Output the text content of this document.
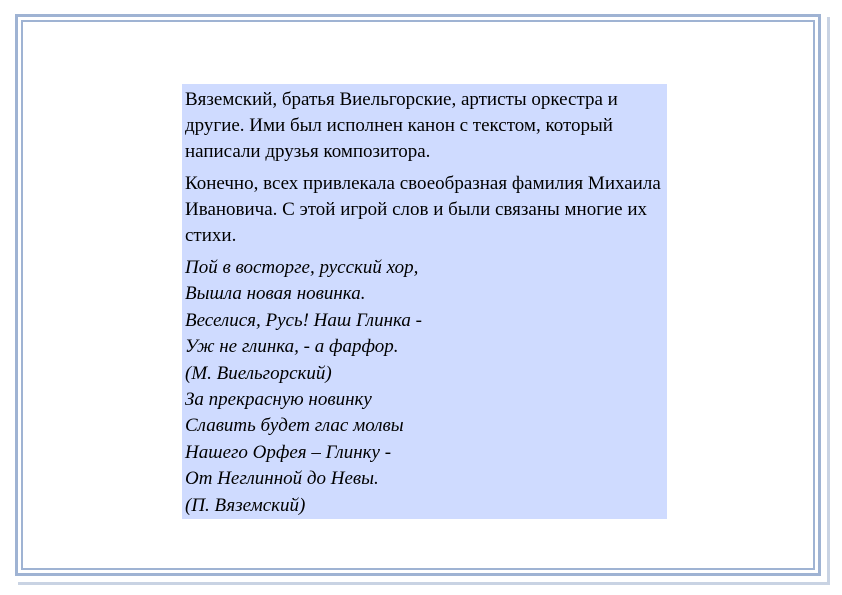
Вяземский, братья Виельгорские, артисты оркестра и другие. Ими был исполнен канон с текстом, который написали друзья композитора.

Конечно, всех привлекала своеобразная фамилия Михаила Ивановича. С этой игрой слов и были связаны многие их стихи.

Пой в восторге, русский хор,
Вышла новая новинка.
Веселися, Русь! Наш Глинка -
Уж не глинка, - а фарфор.
(М. Виельгорский)
За прекрасную новинку
Славить будет глас молвы
Нашего Орфея – Глинку -
От Неглинной до Невы.
(П. Вяземский)
